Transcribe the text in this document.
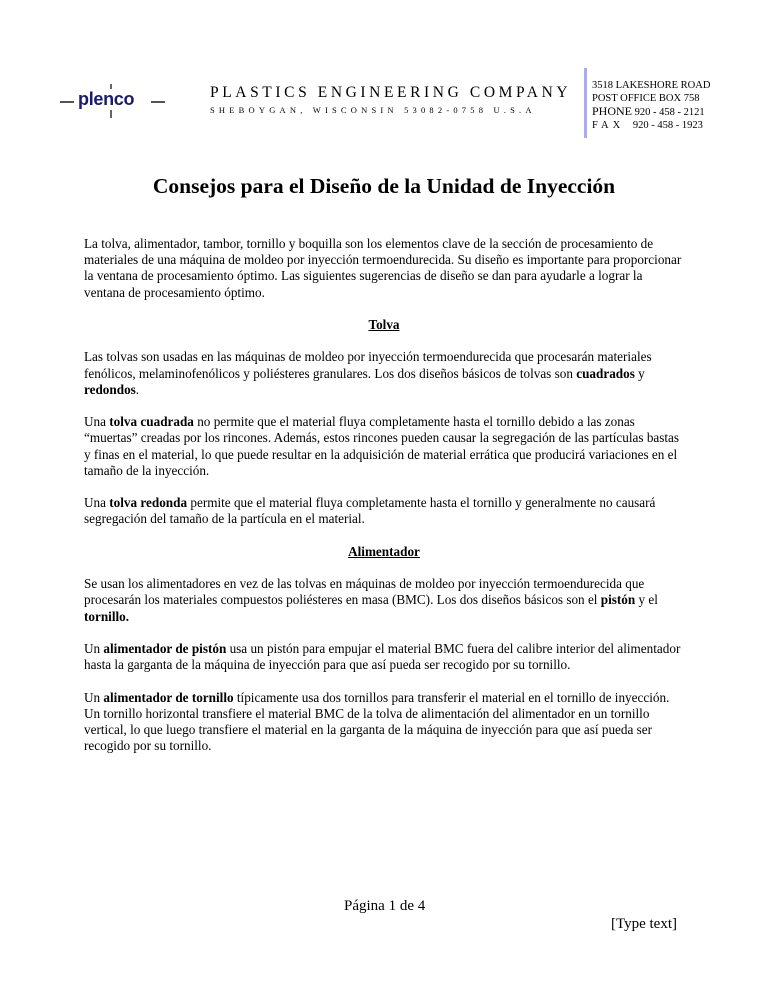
plenco	PLASTICS ENGINEERING COMPANY
SHEBOYGAN, WISCONSIN 53082-0758 U.S.A
3518 LAKESHORE ROAD
POST OFFICE BOX 758
PHONE 920 - 458 - 2121
FAX 920 - 458 - 1923
Consejos para el Diseño de la Unidad de Inyección

La tolva, alimentador, tambor, tornillo y boquilla son los elementos clave de la sección de procesamiento de materiales de una máquina de moldeo por inyección termoendurecida. Su diseño es importante para proporcionar la ventana de procesamiento óptimo. Las siguientes sugerencias de diseño se dan para ayudarle a lograr la ventana de procesamiento óptimo.

Tolva

Las tolvas son usadas en las máquinas de moldeo por inyección termoendurecida que procesarán materiales fenólicos, melaminofenólicos y poliésteres granulares. Los dos diseños básicos de tolvas son cuadrados y redondos.

Una tolva cuadrada no permite que el material fluya completamente hasta el tornillo debido a las zonas “muertas” creadas por los rincones. Además, estos rincones pueden causar la segregación de las partículas bastas y finas en el material, lo que puede resultar en la adquisición de material errática que producirá variaciones en el tamaño de la inyección.

Una tolva redonda permite que el material fluya completamente hasta el tornillo y generalmente no causará segregación del tamaño de la partícula en el material.

Alimentador

Se usan los alimentadores en vez de las tolvas en máquinas de moldeo por inyección termoendurecida que procesarán los materiales compuestos poliésteres en masa (BMC). Los dos diseños básicos son el pistón y el tornillo.

Un alimentador de pistón usa un pistón para empujar el material BMC fuera del calibre interior del alimentador hasta la garganta de la máquina de inyección para que así pueda ser recogido por su tornillo.

Un alimentador de tornillo típicamente usa dos tornillos para transferir el material en el tornillo de inyección. Un tornillo horizontal transfiere el material BMC de la tolva de alimentación del alimentador en un tornillo vertical, lo que luego transfiere el material en la garganta de la máquina de inyección para que así pueda ser recogido por su tornillo.

Página 1 de 4
[Type text]
